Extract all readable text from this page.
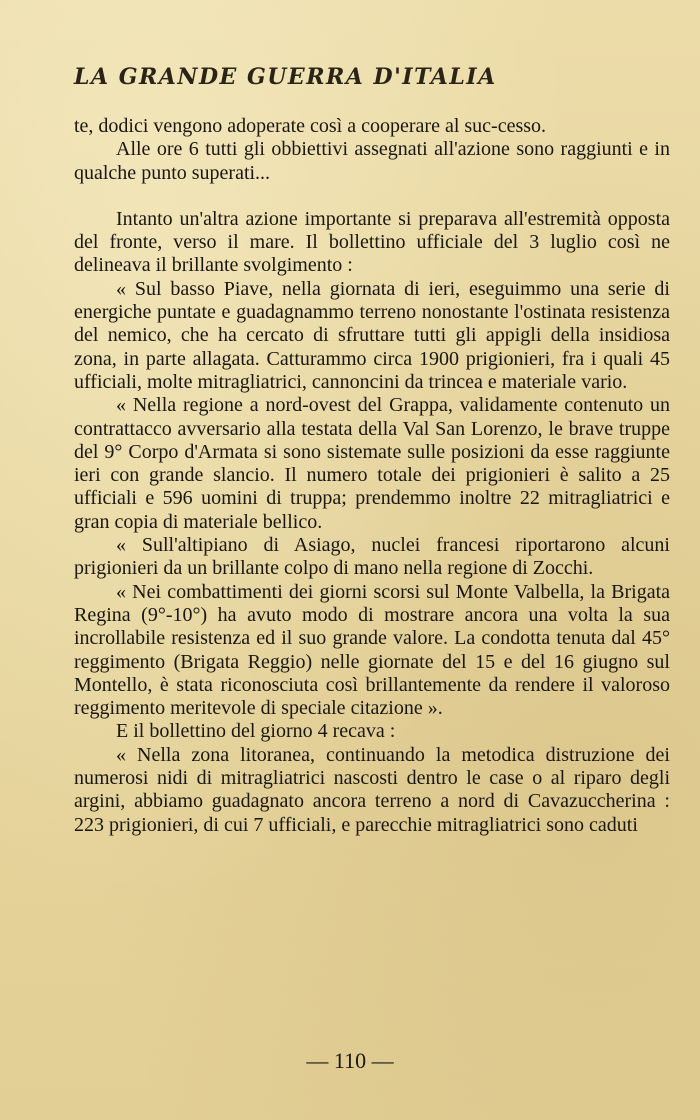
LA GRANDE GUERRA D'ITALIA

te, dodici vengono adoperate così a cooperare al suc-cesso.

Alle ore 6 tutti gli obbiettivi assegnati all'azione sono raggiunti e in qualche punto superati...

Intanto un'altra azione importante si preparava all'estremità opposta del fronte, verso il mare. Il bollettino ufficiale del 3 luglio così ne delineava il brillante svolgimento :

« Sul basso Piave, nella giornata di ieri, eseguimmo una serie di energiche puntate e guadagnammo terreno nonostante l'ostinata resistenza del nemico, che ha cercato di sfruttare tutti gli appigli della insidiosa zona, in parte allagata. Catturammo circa 1900 prigionieri, fra i quali 45 ufficiali, molte mitragliatrici, cannoncini da trincea e materiale vario.

« Nella regione a nord-ovest del Grappa, validamente contenuto un contrattacco avversario alla testata della Val San Lorenzo, le brave truppe del 9° Corpo d'Armata si sono sistemate sulle posizioni da esse raggiunte ieri con grande slancio. Il numero totale dei prigionieri è salito a 25 ufficiali e 596 uomini di truppa; prendemmo inoltre 22 mitragliatrici e gran copia di materiale bellico.

« Sull'altipiano di Asiago, nuclei francesi riportarono alcuni prigionieri da un brillante colpo di mano nella regione di Zocchi.

« Nei combattimenti dei giorni scorsi sul Monte Valbella, la Brigata Regina (9°-10°) ha avuto modo di mostrare ancora una volta la sua incrollabile resistenza ed il suo grande valore. La condotta tenuta dal 45° reggimento (Brigata Reggio) nelle giornate del 15 e del 16 giugno sul Montello, è stata riconosciuta così brillantemente da rendere il valoroso reggimento meritevole di speciale citazione ».

E il bollettino del giorno 4 recava :

« Nella zona litoranea, continuando la metodica distruzione dei numerosi nidi di mitragliatrici nascosti dentro le case o al riparo degli argini, abbiamo guadagnato ancora terreno a nord di Cavazuccherina : 223 prigionieri, di cui 7 ufficiali, e parecchie mitragliatrici sono caduti

— 110 —
